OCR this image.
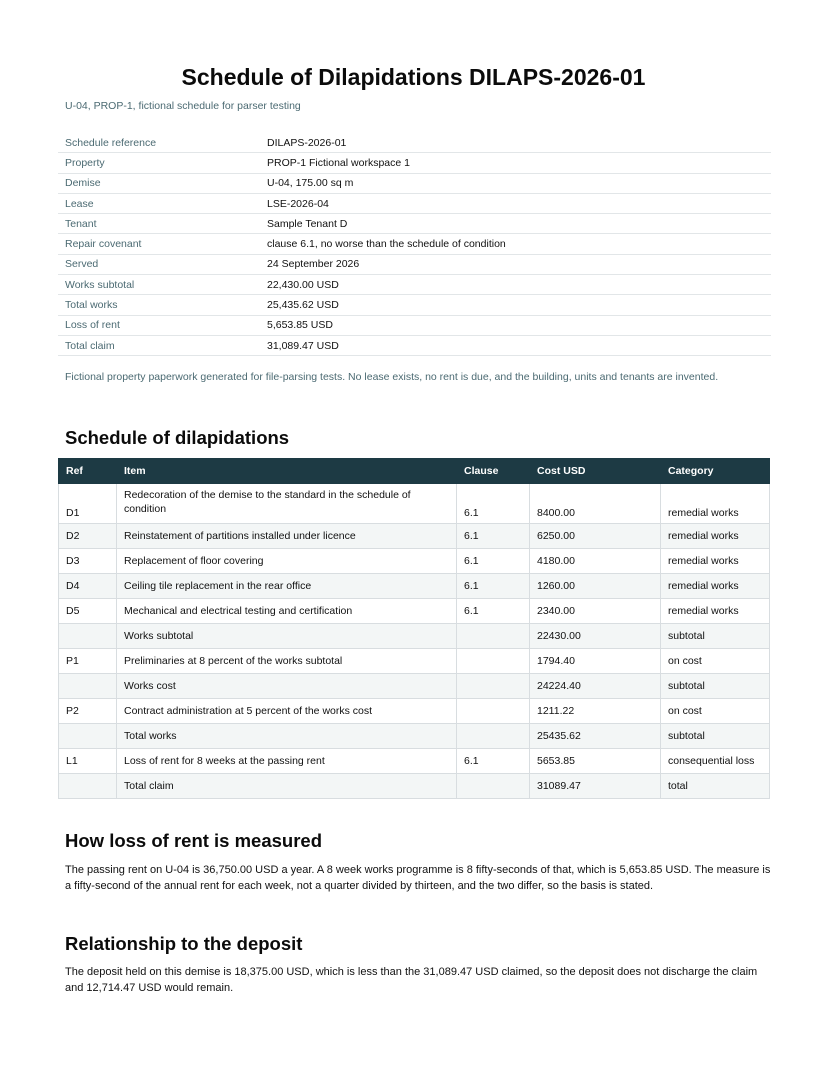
Schedule of Dilapidations DILAPS-2026-01

U-04, PROP-1, fictional schedule for parser testing

Schedule reference	DILAPS-2026-01
Property	PROP-1 Fictional workspace 1
Demise	U-04, 175.00 sq m
Lease	LSE-2026-04
Tenant	Sample Tenant D
Repair covenant	clause 6.1, no worse than the schedule of condition
Served	24 September 2026
Works subtotal	22,430.00 USD
Total works	25,435.62 USD
Loss of rent	5,653.85 USD
Total claim	31,089.47 USD

Fictional property paperwork generated for file-parsing tests. No lease exists, no rent is due, and the building, units and tenants are invented.

Schedule of dilapidations
Ref	Item	Clause	Cost USD	Category
D1	Redecoration of the demise to the standard in the schedule of condition	6.1	8400.00	remedial works
D2	Reinstatement of partitions installed under licence	6.1	6250.00	remedial works
D3	Replacement of floor covering	6.1	4180.00	remedial works
D4	Ceiling tile replacement in the rear office	6.1	1260.00	remedial works
D5	Mechanical and electrical testing and certification	6.1	2340.00	remedial works
	Works subtotal		22430.00	subtotal
P1	Preliminaries at 8 percent of the works subtotal		1794.40	on cost
	Works cost		24224.40	subtotal
P2	Contract administration at 5 percent of the works cost		1211.22	on cost
	Total works		25435.62	subtotal
L1	Loss of rent for 8 weeks at the passing rent	6.1	5653.85	consequential loss
	Total claim		31089.47	total
How loss of rent is measured

The passing rent on U-04 is 36,750.00 USD a year. A 8 week works programme is 8 fifty-seconds of that, which is 5,653.85 USD. The measure is a fifty-second of the annual rent for each week, not a quarter divided by thirteen, and the two differ, so the basis is stated.

Relationship to the deposit

The deposit held on this demise is 18,375.00 USD, which is less than the 31,089.47 USD claimed, so the deposit does not discharge the claim and 12,714.47 USD would remain.
